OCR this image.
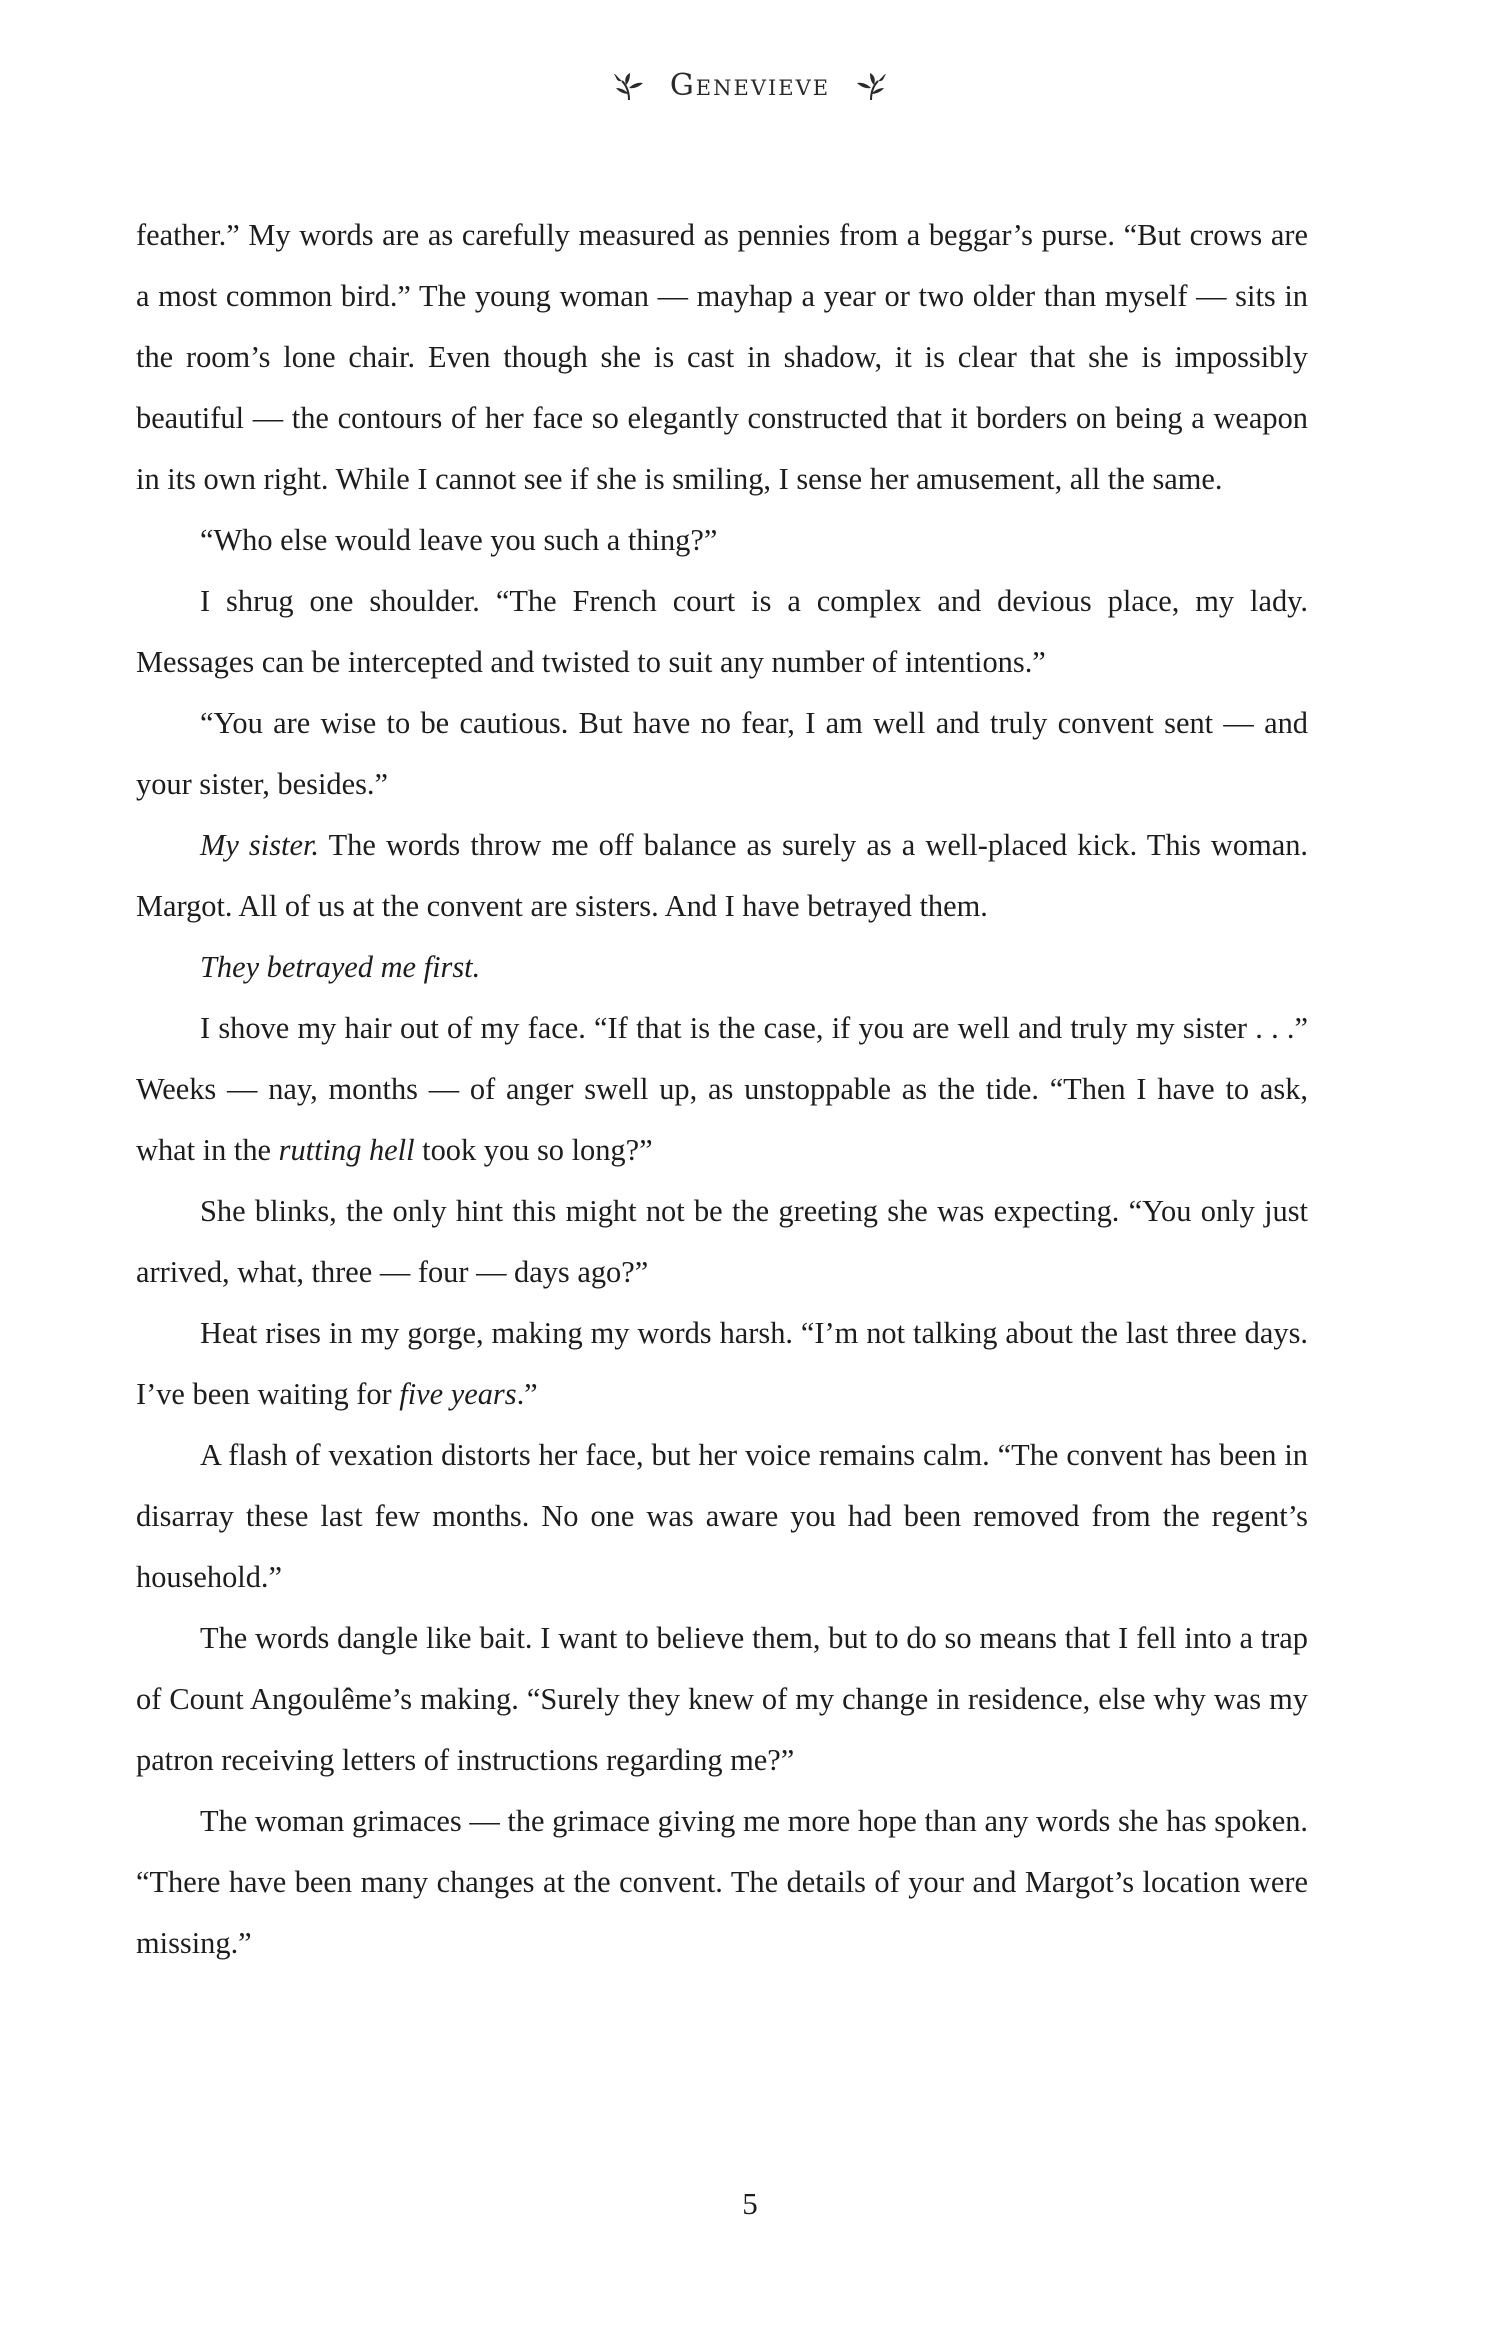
Genevieve

feather.” My words are as carefully measured as pennies from a beggar’s purse. “But crows are a most common bird.” The young woman — mayhap a year or two older than myself — sits in the room’s lone chair. Even though she is cast in shadow, it is clear that she is impossibly beautiful — the contours of her face so elegantly constructed that it borders on being a weapon in its own right. While I cannot see if she is smiling, I sense her amusement, all the same.

“Who else would leave you such a thing?”

I shrug one shoulder. “The French court is a complex and devious place, my lady. Messages can be intercepted and twisted to suit any number of intentions.”

“You are wise to be cautious. But have no fear, I am well and truly convent sent — and your sister, besides.”

My sister. The words throw me off balance as surely as a well-placed kick. This woman. Margot. All of us at the convent are sisters. And I have betrayed them.

They betrayed me first.

I shove my hair out of my face. “If that is the case, if you are well and truly my sister . . .” Weeks — nay, months — of anger swell up, as unstoppable as the tide. “Then I have to ask, what in the rutting hell took you so long?”

She blinks, the only hint this might not be the greeting she was expecting. “You only just arrived, what, three — four — days ago?”

Heat rises in my gorge, making my words harsh. “I’m not talking about the last three days. I’ve been waiting for five years.”

A flash of vexation distorts her face, but her voice remains calm. “The convent has been in disarray these last few months. No one was aware you had been removed from the regent’s household.”

The words dangle like bait. I want to believe them, but to do so means that I fell into a trap of Count Angoulême’s making. “Surely they knew of my change in residence, else why was my patron receiving letters of instructions regarding me?”

The woman grimaces — the grimace giving me more hope than any words she has spoken. “There have been many changes at the convent. The details of your and Margot’s location were missing.”

5
